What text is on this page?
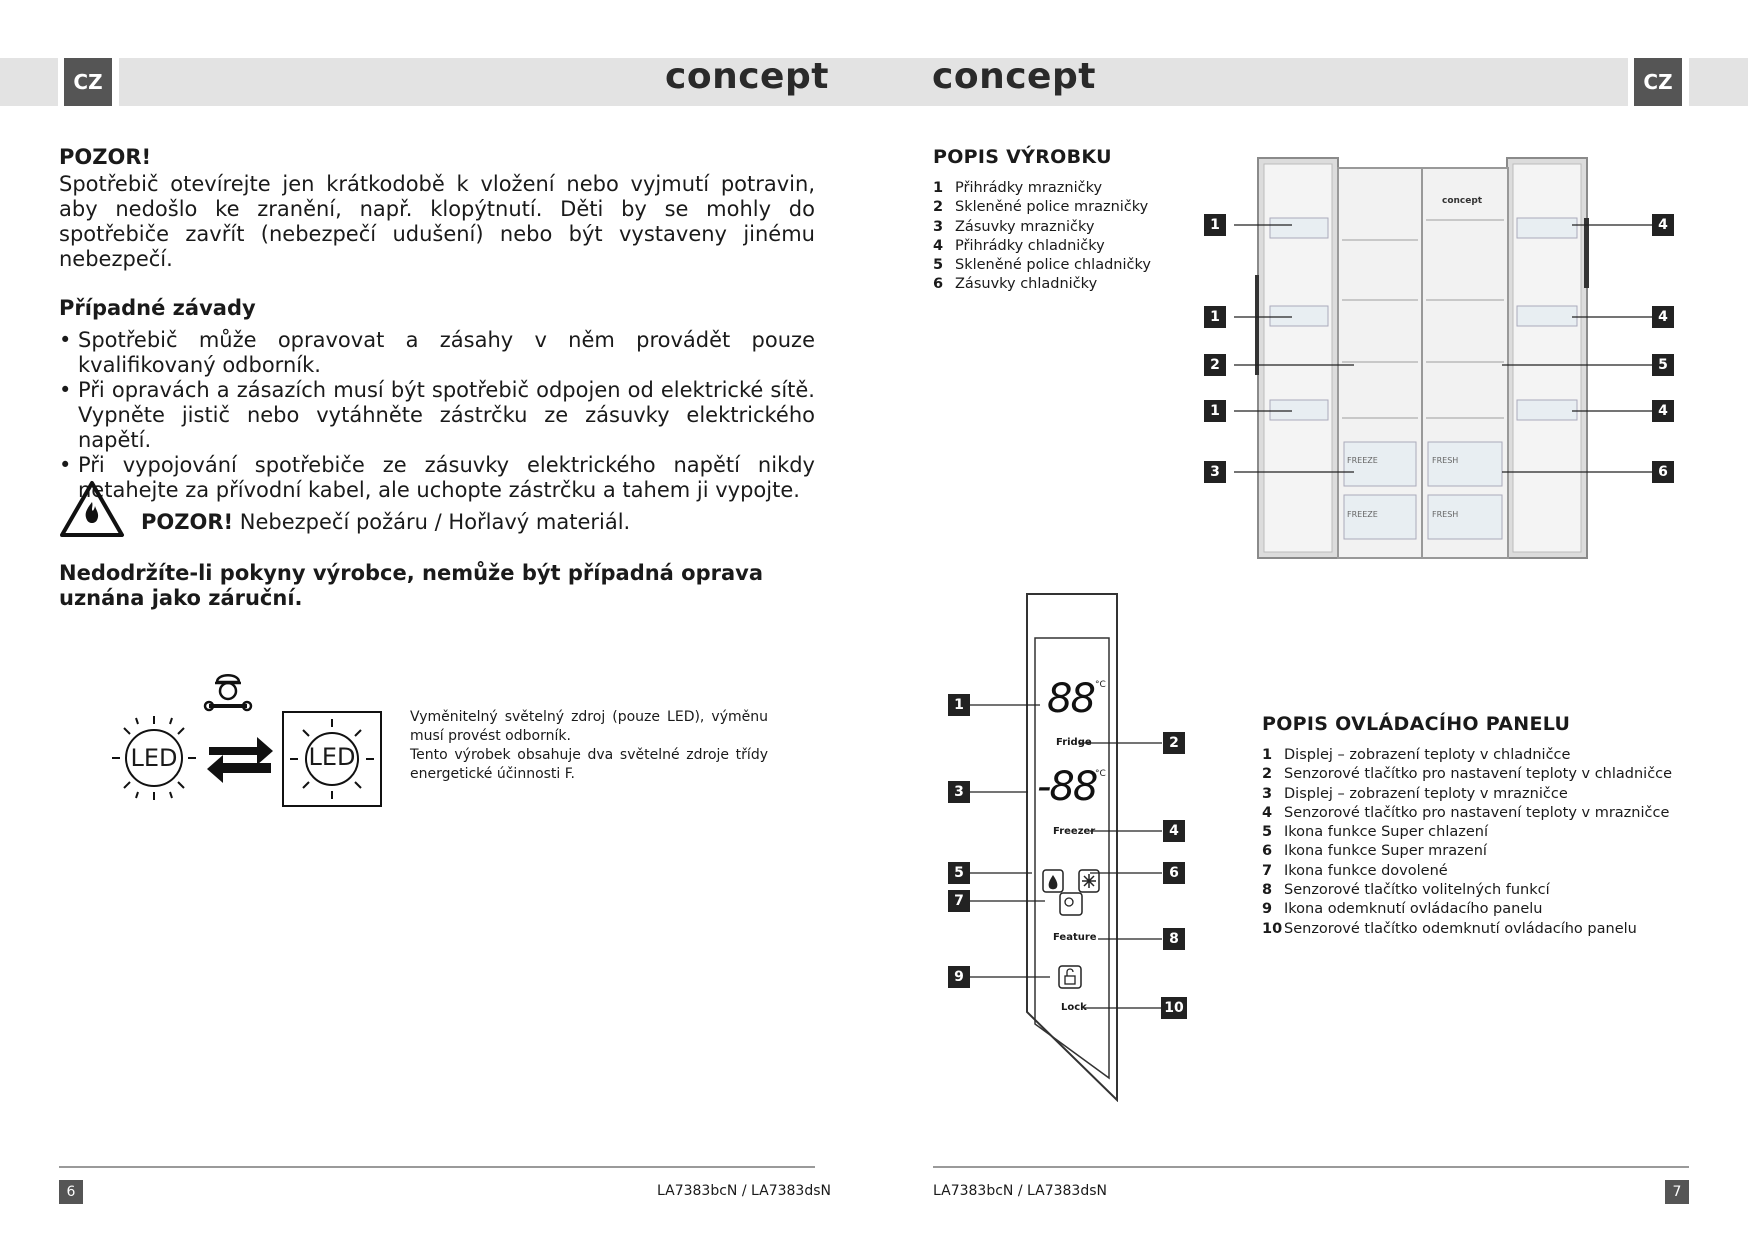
CZ	CZ
concept	concept
POZOR!
Spotřebič otevírejte jen krátkodobě k vložení nebo vyjmutí potravin, aby nedošlo ke zranění, např. klopýtnutí. Děti by se mohly do spotřebiče zavřít (nebezpečí udušení) nebo být vystaveny jinému nebezpečí.
Případné závady
• Spotřebič může opravovat a zásahy v něm provádět pouze kvalifikovaný odborník.
• Při opravách a zásazích musí být spotřebič odpojen od elektrické sítě. Vypněte jistič nebo vytáhněte zástrčku ze zásuvky elektrického napětí.
• Při vypojování spotřebiče ze zásuvky elektrického napětí nikdy netahejte za přívodní kabel, ale uchopte zástrčku a tahem ji vypojte.
POZOR! Nebezpečí požáru / Hořlavý materiál.
Nedodržíte-li pokyny výrobce, nemůže být případná oprava uznána jako záruční.
LED	LED
Vyměnitelný světelný zdroj (pouze LED), výměnu musí provést odborník.
Tento výrobek obsahuje dva světelné zdroje třídy energetické účinnosti F.
6	LA7383bcN / LA7383dsN
POPIS VÝROBKU
1 Přihrádky mrazničky
2 Skleněné police mrazničky
3 Zásuvky mrazničky
4 Přihrádky chladničky
5 Skleněné police chladničky
6 Zásuvky chladničky
concept
FREEZE
FREEZE
FRESH
FRESH
1
1
2
1
3
4
4
5
4
6
88 °C
Fridge
-88
°C
Freezer
Feature
Lock
1
2
3
4
5	6
7
8
9
10
POPIS OVLÁDACÍHO PANELU
1 Displej – zobrazení teploty v chladničce
2 Senzorové tlačítko pro nastavení teploty v chladničce
3 Displej – zobrazení teploty v mrazničce
4 Senzorové tlačítko pro nastavení teploty v mrazničce
5 Ikona funkce Super chlazení
6 Ikona funkce Super mrazení
7 Ikona funkce dovolené
8 Senzorové tlačítko volitelných funkcí
9 Ikona odemknutí ovládacího panelu
10 Senzorové tlačítko odemknutí ovládacího panelu
LA7383bcN / LA7383dsN	7
